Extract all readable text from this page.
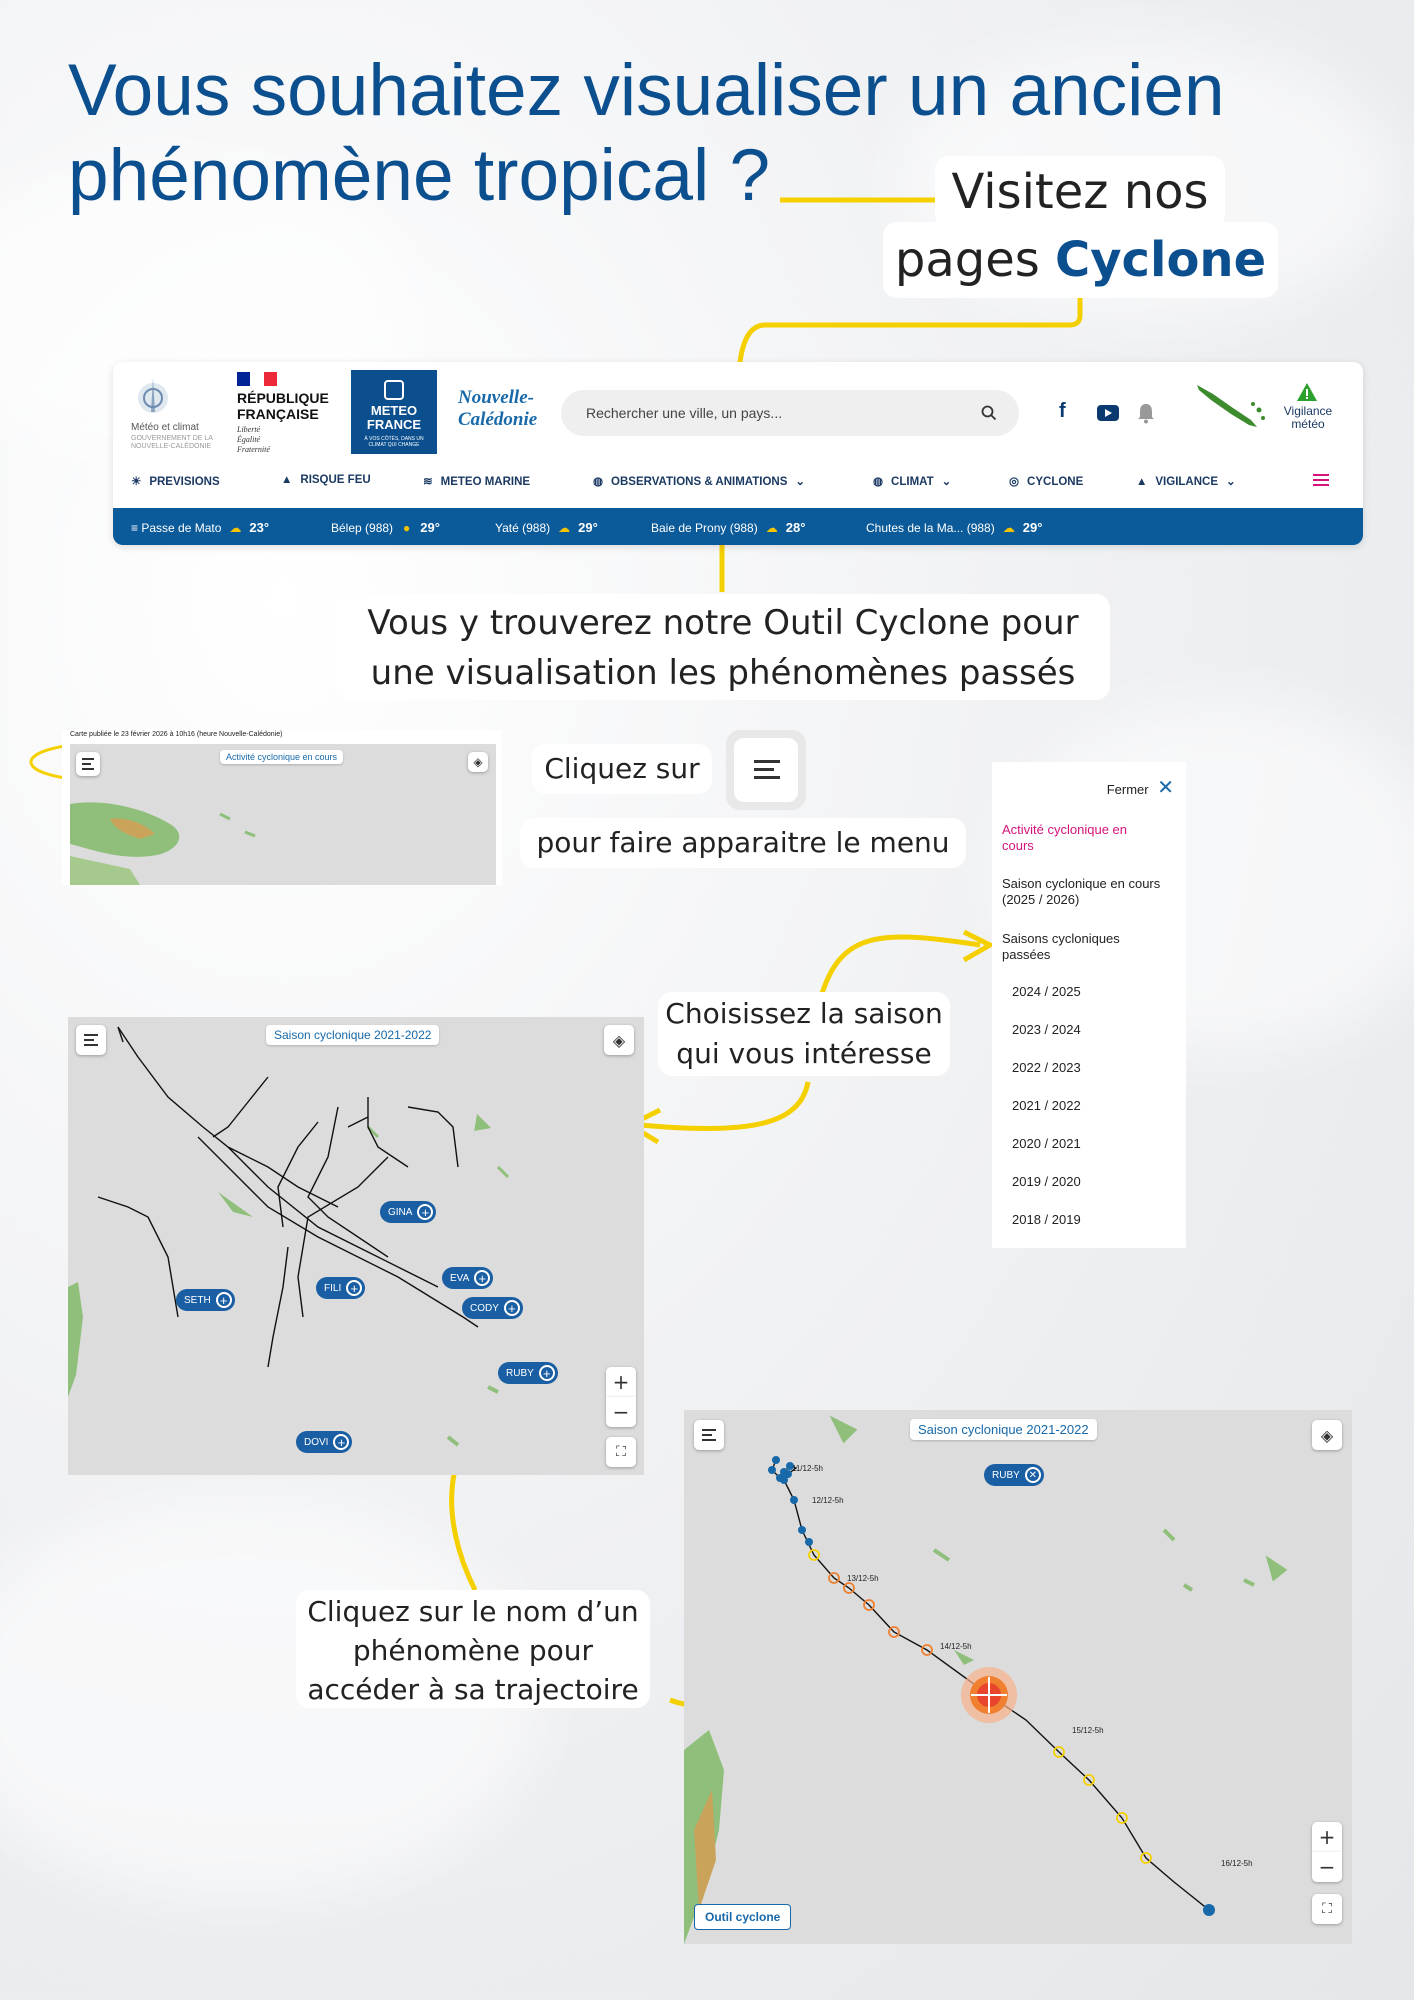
Vous souhaitez visualiser un ancien phénomène tropical ?	Visitez nos
pages Cyclone
Météo et climat
GOUVERNEMENT DE LA NOUVELLE-CALÉDONIE
RÉPUBLIQUE FRANÇAISE
Liberté
Égalité
Fraternité
METEO
FRANCE
À VOS CÔTÉS, DANS UN CLIMAT QUI CHANGE
Nouvelle-Calédonie	Rechercher une ville, un pays...	f	Vigilance météo
☀ PREVISIONS	▲ RISQUE FEU	≋ METEO MARINE	◍ OBSERVATIONS & ANIMATIONS ⌄	◍ CLIMAT ⌄	◎ CYCLONE	▲ VIGILANCE ⌄
≡ Passe de Mato ☁ 23°	Bélep (988) ● 29°	Yaté (988) ☁ 29°	Baie de Prony (988) ☁ 28°	Chutes de la Ma... (988) ☁ 29°
Vous y trouverez notre Outil Cyclone pour une visualisation les phénomènes passés
Carte publiée le 23 février 2026 à 10h16 (heure Nouvelle-Calédonie)
Activité cyclonique en cours	◈	Cliquez sur
pour faire apparaitre le menu
Fermer ✕
Activité cyclonique en cours
Saison cyclonique en cours (2025 / 2026)
Saisons cycloniques passées
2024 / 2025
2023 / 2024
2022 / 2023
2021 / 2022
2020 / 2021
2019 / 2020
2018 / 2019
Choisissez la saison qui vous intéresse
Saison cyclonique 2021-2022	◈
GINA +
EVA +
FILI +
CODY +
SETH +
RUBY +
DOVI +
+
−
⛶
Cliquez sur le nom d’un phénomène pour accéder à sa trajectoire
11/12-5h
12/12-5h
13/12-5h
14/12-5h
15/12-5h
16/12-5h
Saison cyclonique 2021-2022	◈
RUBY ✕
+
−
⛶
Outil cyclone
